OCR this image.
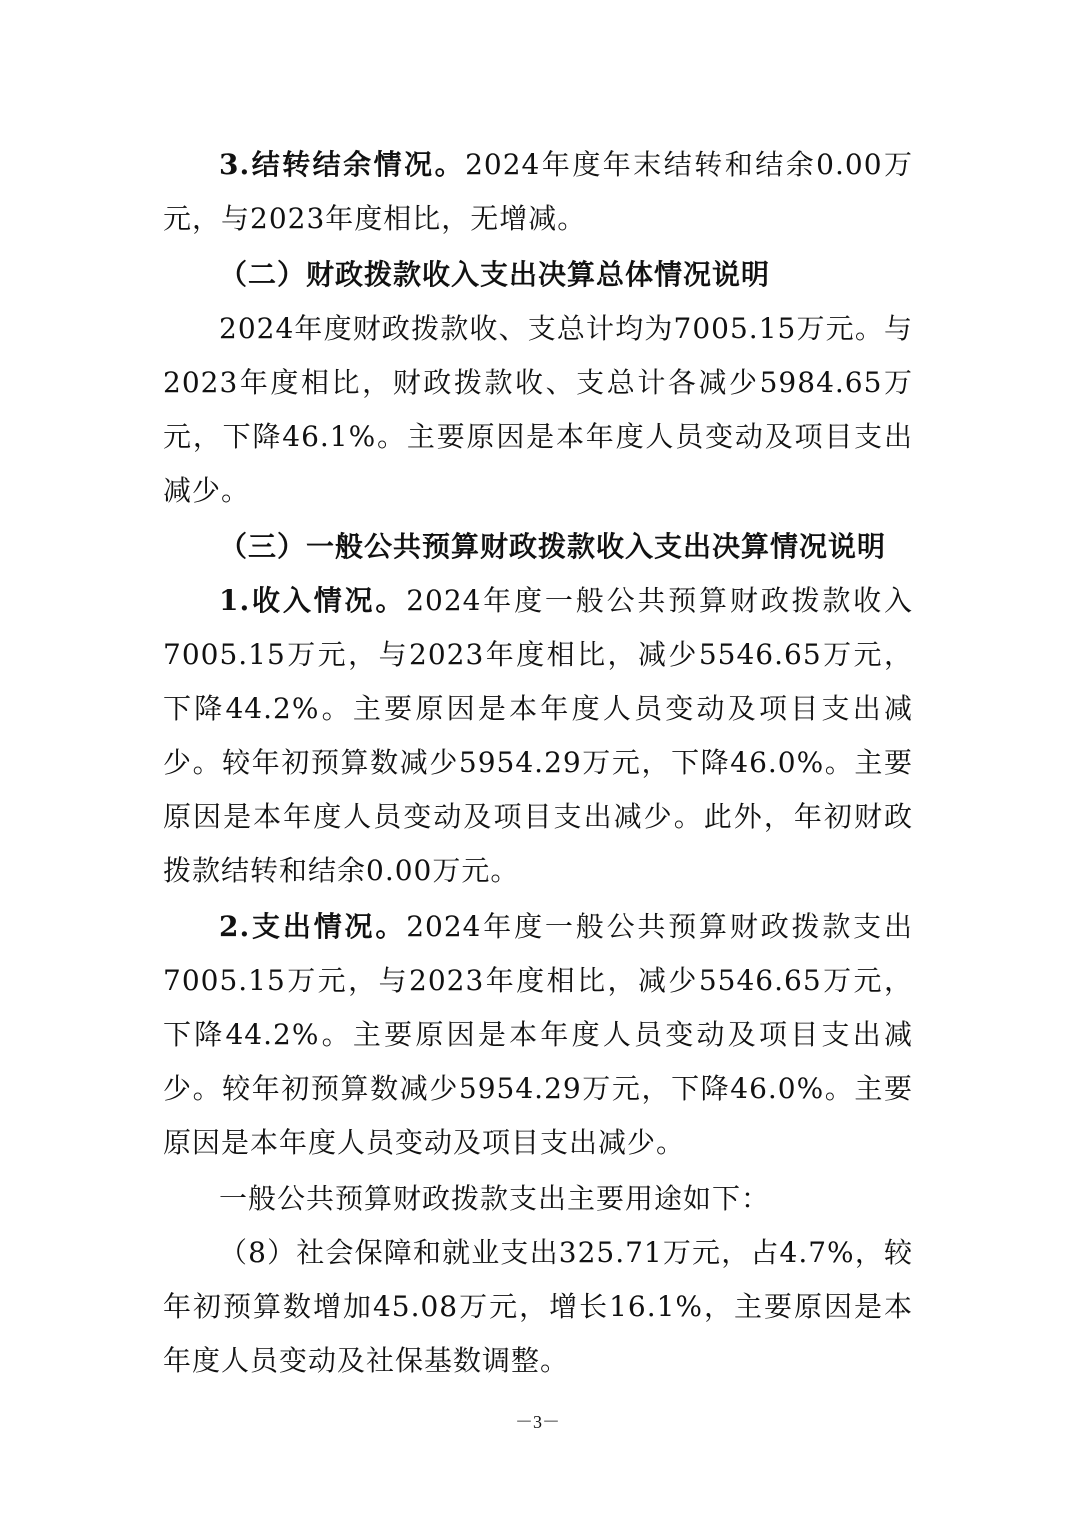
3.结转结余情况。2024年度年末结转和结余0.00万元，与2023年度相比，无增减。

（二）财政拨款收入支出决算总体情况说明

2024年度财政拨款收、支总计均为7005.15万元。与2023年度相比，财政拨款收、支总计各减少5984.65万元，下降46.1%。主要原因是本年度人员变动及项目支出减少。

（三）一般公共预算财政拨款收入支出决算情况说明

1.收入情况。2024年度一般公共预算财政拨款收入7005.15万元，与2023年度相比，减少5546.65万元，下降44.2%。主要原因是本年度人员变动及项目支出减少。较年初预算数减少5954.29万元，下降46.0%。主要原因是本年度人员变动及项目支出减少。此外，年初财政拨款结转和结余0.00万元。

2.支出情况。2024年度一般公共预算财政拨款支出7005.15万元，与2023年度相比，减少5546.65万元，下降44.2%。主要原因是本年度人员变动及项目支出减少。较年初预算数减少5954.29万元，下降46.0%。主要原因是本年度人员变动及项目支出减少。

一般公共预算财政拨款支出主要用途如下：

（8）社会保障和就业支出325.71万元，占4.7%，较年初预算数增加45.08万元，增长16.1%，主要原因是本年度人员变动及社保基数调整。

－3－
